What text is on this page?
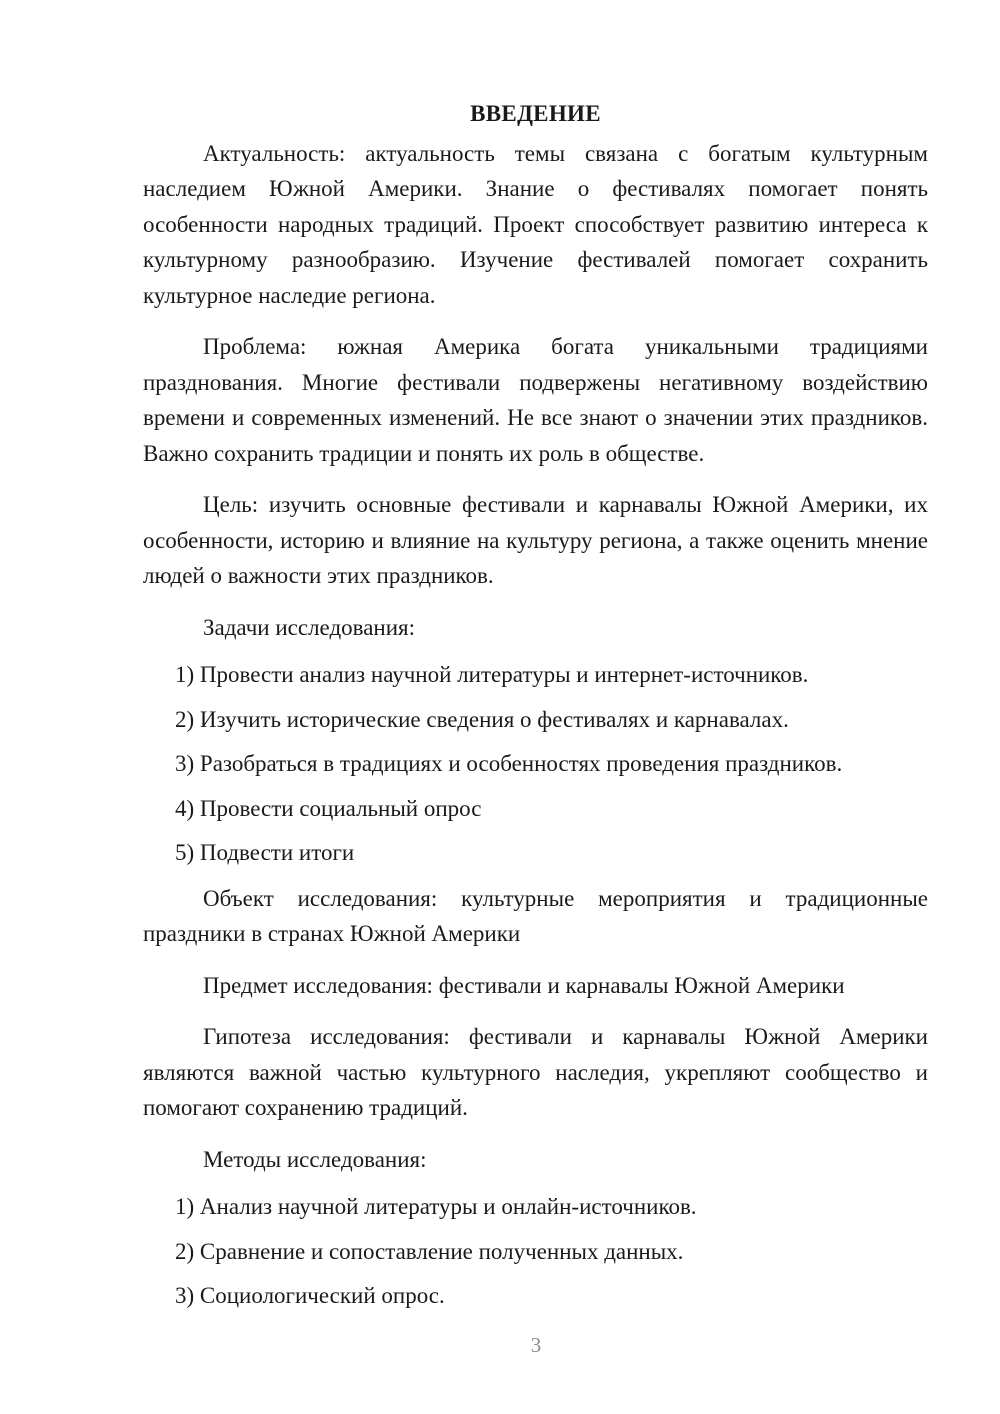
ВВЕДЕНИЕ

Актуальность: актуальность темы связана с богатым культурным наследием Южной Америки. Знание о фестивалях помогает понять особенности народных традиций. Проект способствует развитию интереса к культурному разнообразию. Изучение фестивалей помогает сохранить культурное наследие региона.

Проблема: южная Америка богата уникальными традициями празднования. Многие фестивали подвержены негативному воздействию времени и современных изменений. Не все знают о значении этих праздников. Важно сохранить традиции и понять их роль в обществе.

Цель: изучить основные фестивали и карнавалы Южной Америки, их особенности, историю и влияние на культуру региона, а также оценить мнение людей о важности этих праздников.

Задачи исследования:

1) Провести анализ научной литературы и интернет-источников.
2) Изучить исторические сведения о фестивалях и карнавалах.
3) Разобраться в традициях и особенностях проведения праздников.
4) Провести социальный опрос
5) Подвести итоги

Объект исследования: культурные мероприятия и традиционные праздники в странах Южной Америки

Предмет исследования: фестивали и карнавалы Южной Америки

Гипотеза исследования: фестивали и карнавалы Южной Америки являются важной частью культурного наследия, укрепляют сообщество и помогают сохранению традиций.

Методы исследования:

1) Анализ научной литературы и онлайн-источников.
2) Сравнение и сопоставление полученных данных.
3) Социологический опрос.
3
